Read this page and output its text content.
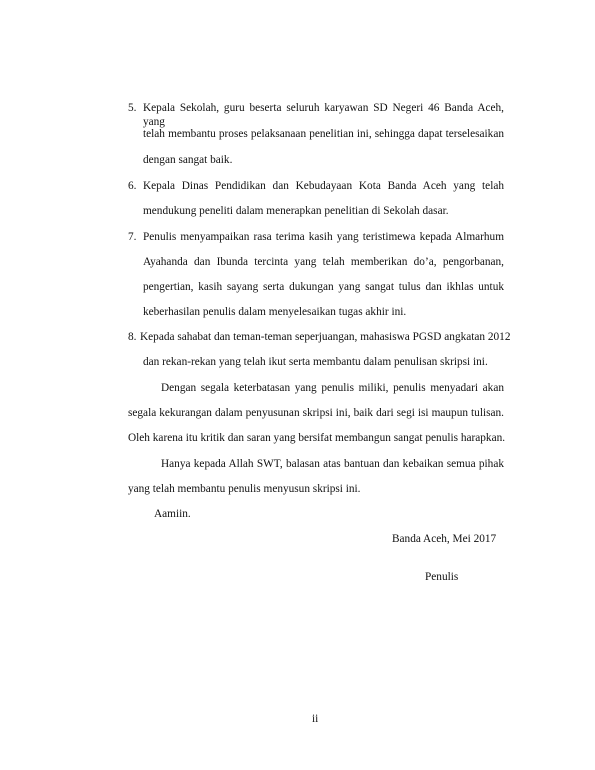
5. Kepala Sekolah, guru beserta seluruh karyawan SD Negeri 46 Banda Aceh, yang
telah membantu proses pelaksanaan penelitian ini, sehingga dapat terselesaikan
dengan sangat baik.
6. Kepala Dinas Pendidikan dan Kebudayaan Kota Banda Aceh yang telah
mendukung peneliti dalam menerapkan penelitian di Sekolah dasar.
7. Penulis menyampaikan rasa terima kasih yang teristimewa kepada Almarhum
Ayahanda dan Ibunda tercinta yang telah memberikan do’a, pengorbanan,
pengertian, kasih sayang serta dukungan yang sangat tulus dan ikhlas untuk
keberhasilan penulis dalam menyelesaikan tugas akhir ini.
8. Kepada sahabat dan teman-teman seperjuangan, mahasiswa PGSD angkatan 2012
dan rekan-rekan yang telah ikut serta membantu dalam penulisan skripsi ini.
Dengan segala keterbatasan yang penulis miliki, penulis menyadari akan
segala kekurangan dalam penyusunan skripsi ini, baik dari segi isi maupun tulisan.
Oleh karena itu kritik dan saran yang bersifat membangun sangat penulis harapkan.
Hanya kepada Allah SWT, balasan atas bantuan dan kebaikan semua pihak
yang telah membantu penulis menyusun skripsi ini.
Aamiin.
Banda Aceh, Mei 2017
Penulis
ii
